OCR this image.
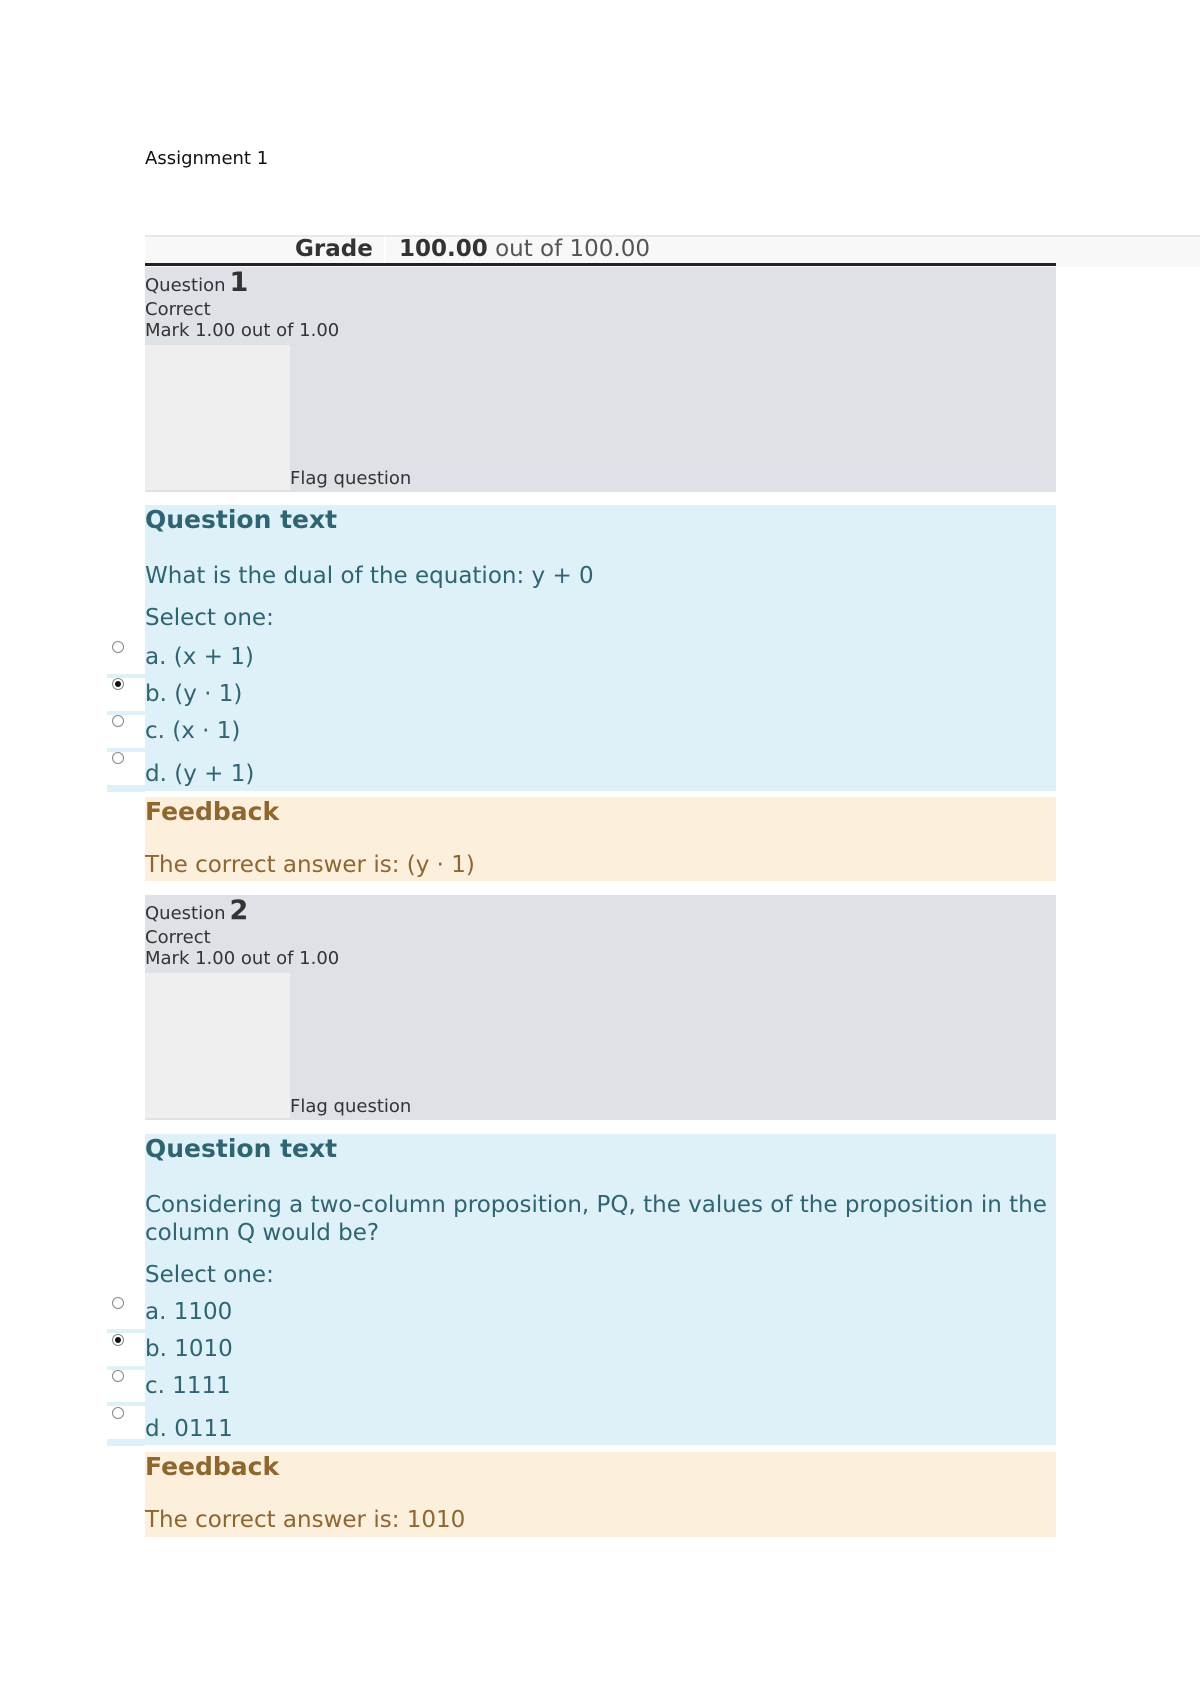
Assignment 1
Grade 100.00 out of 100.00
Question 1
Correct
Mark 1.00 out of 1.00
Flag question
Question text
What is the dual of the equation: y + 0
Select one:
a. (x + 1)
b. (y ⋅ 1)
c. (x ⋅ 1)
d. (y + 1)
Feedback
The correct answer is: (y ⋅ 1)
Question 2
Correct
Mark 1.00 out of 1.00
Flag question
Question text
Considering a two-column proposition, PQ, the values of the proposition in the column Q would be?
Select one:
a. 1100
b. 1010
c. 1111
d. 0111
Feedback
The correct answer is: 1010
